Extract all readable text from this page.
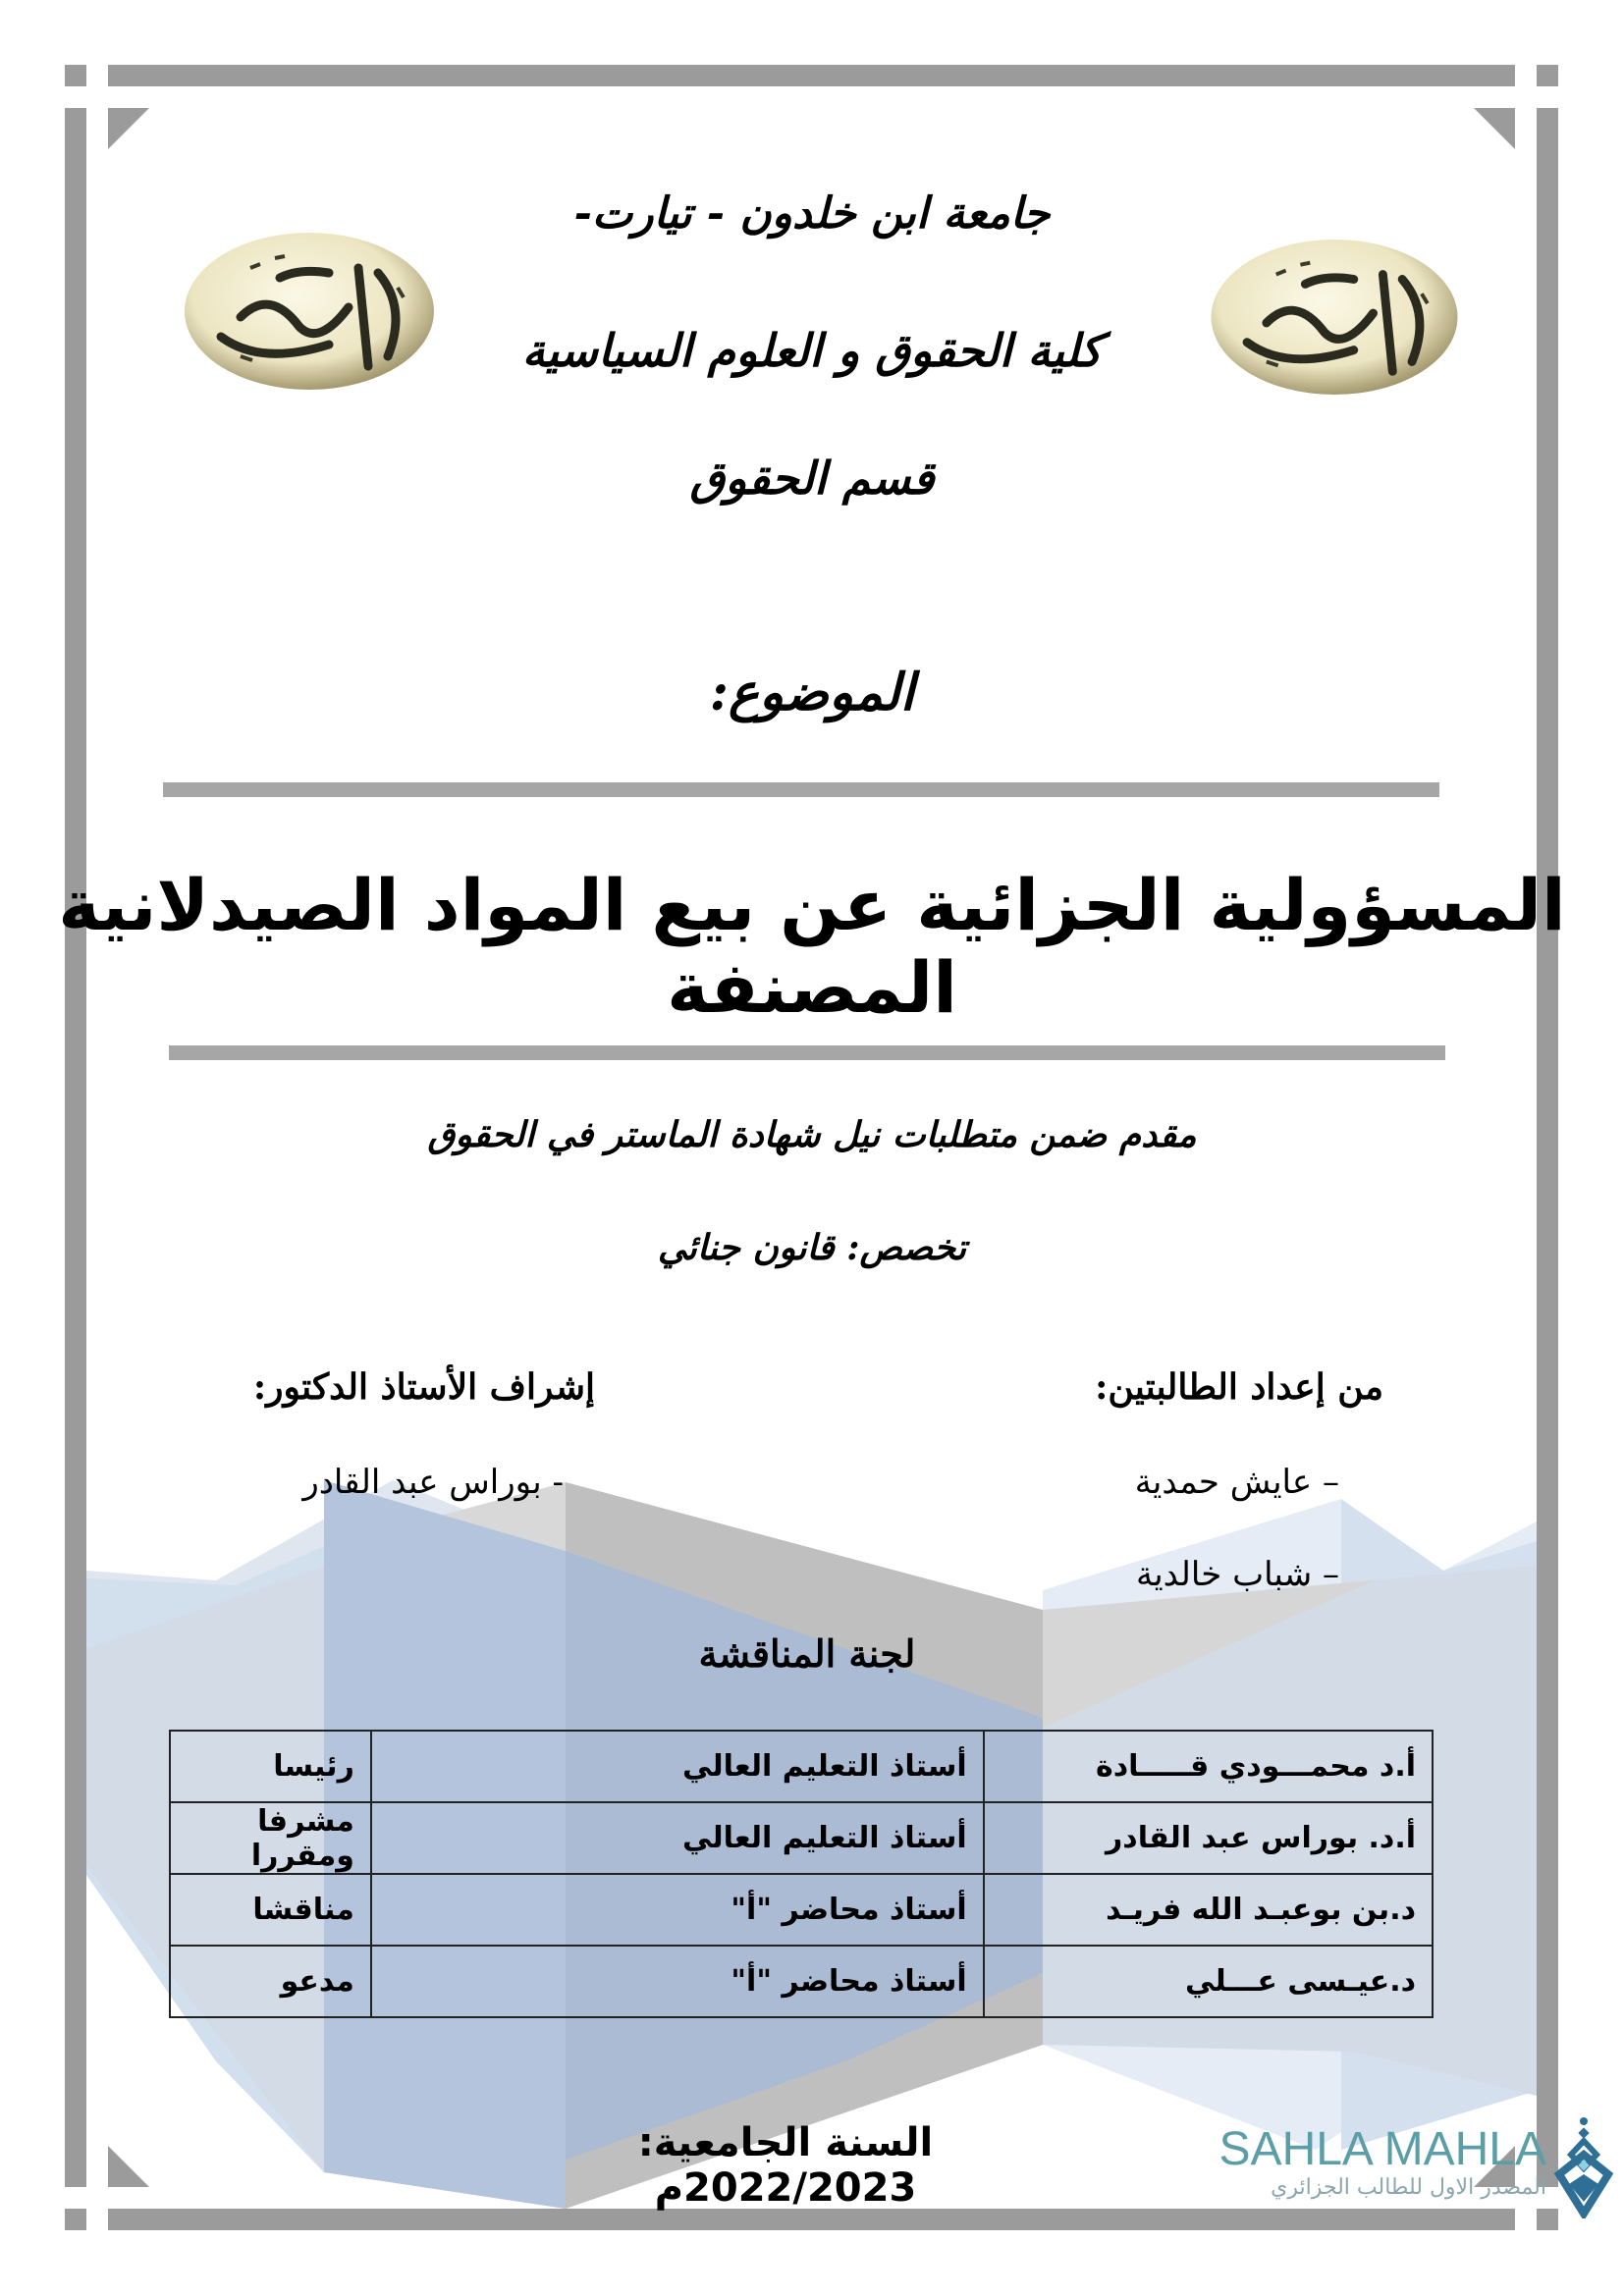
جامعة ابن خلدون - تيارت-
كلية الحقوق و العلوم السياسية
قسم الحقوق
الموضوع:
المسؤولية الجزائية عن بيع المواد الصيدلانية المصنفة
مقدم ضمن متطلبات نيل شهادة الماستر في الحقوق
تخصص: قانون جنائي
من إعداد الطالبتين:
– عايش حمدية
– شباب خالدية
إشراف الأستاذ الدكتور:
- بوراس عبد القادر
لجنة المناقشة
أ.د محمـــودي قـــــادة	أستاذ التعليم العالي	رئيسا
أ.د. بوراس عبد القادر	أستاذ التعليم العالي	مشرفا ومقررا
د.بن بوعبـد الله فريـد	أستاذ محاضر "أ"	مناقشا
د.عيـسى عـــلي	أستاذ محاضر "أ"	مدعو
السنة الجامعية: 2022/2023م
SAHLA MAHLA
المصدر الاول للطالب الجزائري
